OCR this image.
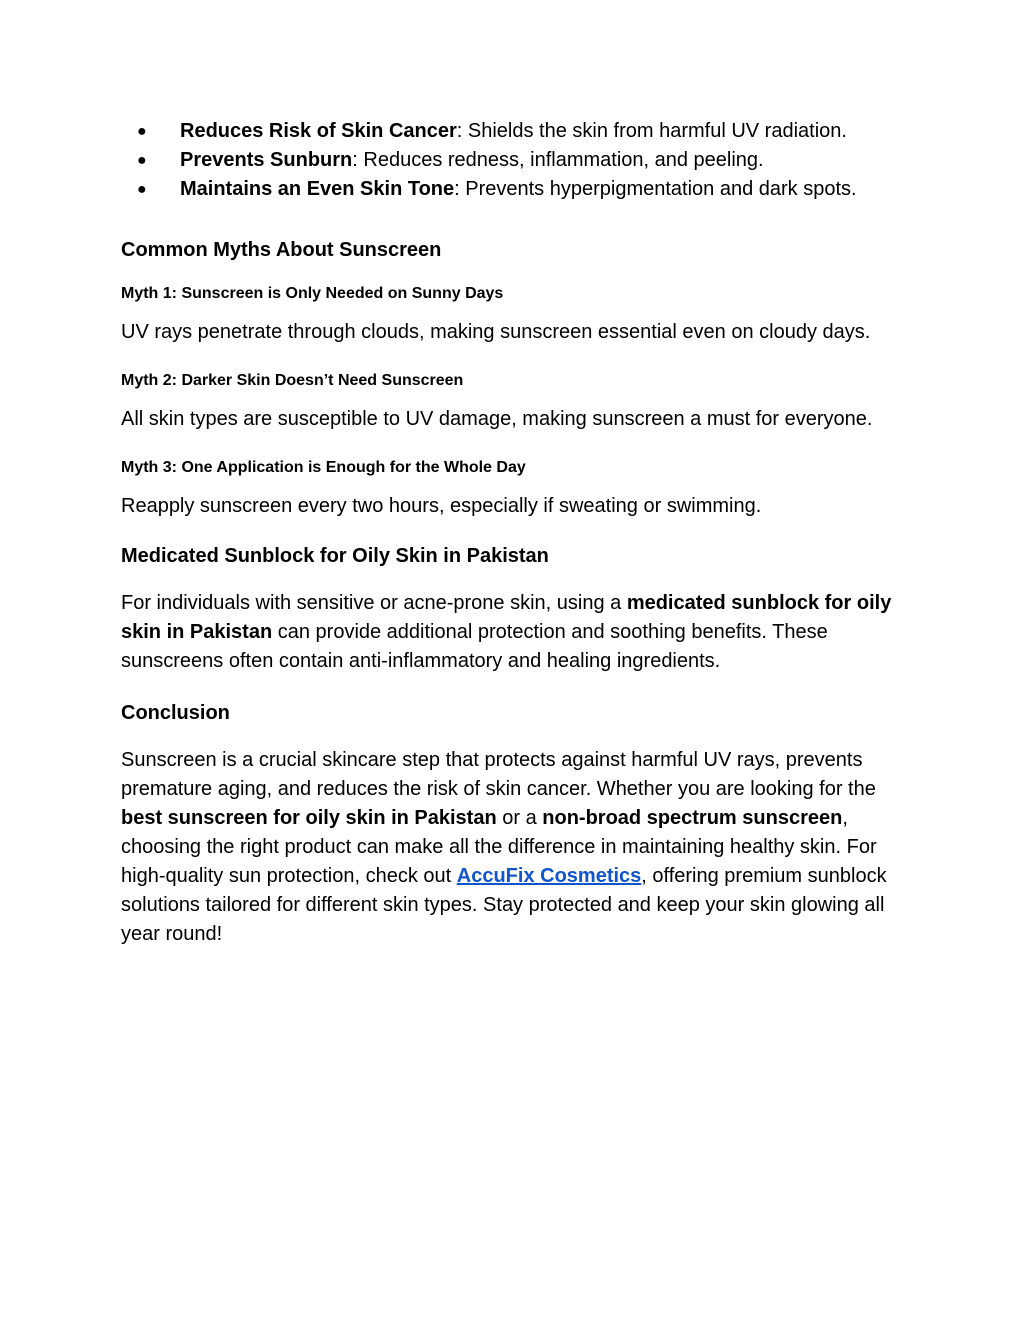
● Reduces Risk of Skin Cancer: Shields the skin from harmful UV radiation.
● Prevents Sunburn: Reduces redness, inflammation, and peeling.
● Maintains an Even Skin Tone: Prevents hyperpigmentation and dark spots.
Common Myths About Sunscreen
Myth 1: Sunscreen is Only Needed on Sunny Days

UV rays penetrate through clouds, making sunscreen essential even on cloudy days.

Myth 2: Darker Skin Doesn’t Need Sunscreen

All skin types are susceptible to UV damage, making sunscreen a must for everyone.

Myth 3: One Application is Enough for the Whole Day

Reapply sunscreen every two hours, especially if sweating or swimming.

Medicated Sunblock for Oily Skin in Pakistan

For individuals with sensitive or acne-prone skin, using a medicated sunblock for oily skin in Pakistan can provide additional protection and soothing benefits. These sunscreens often contain anti-inflammatory and healing ingredients.

Conclusion

Sunscreen is a crucial skincare step that protects against harmful UV rays, prevents premature aging, and reduces the risk of skin cancer. Whether you are looking for the best sunscreen for oily skin in Pakistan or a non-broad spectrum sunscreen, choosing the right product can make all the difference in maintaining healthy skin. For high-quality sun protection, check out AccuFix Cosmetics, offering premium sunblock solutions tailored for different skin types. Stay protected and keep your skin glowing all year round!
